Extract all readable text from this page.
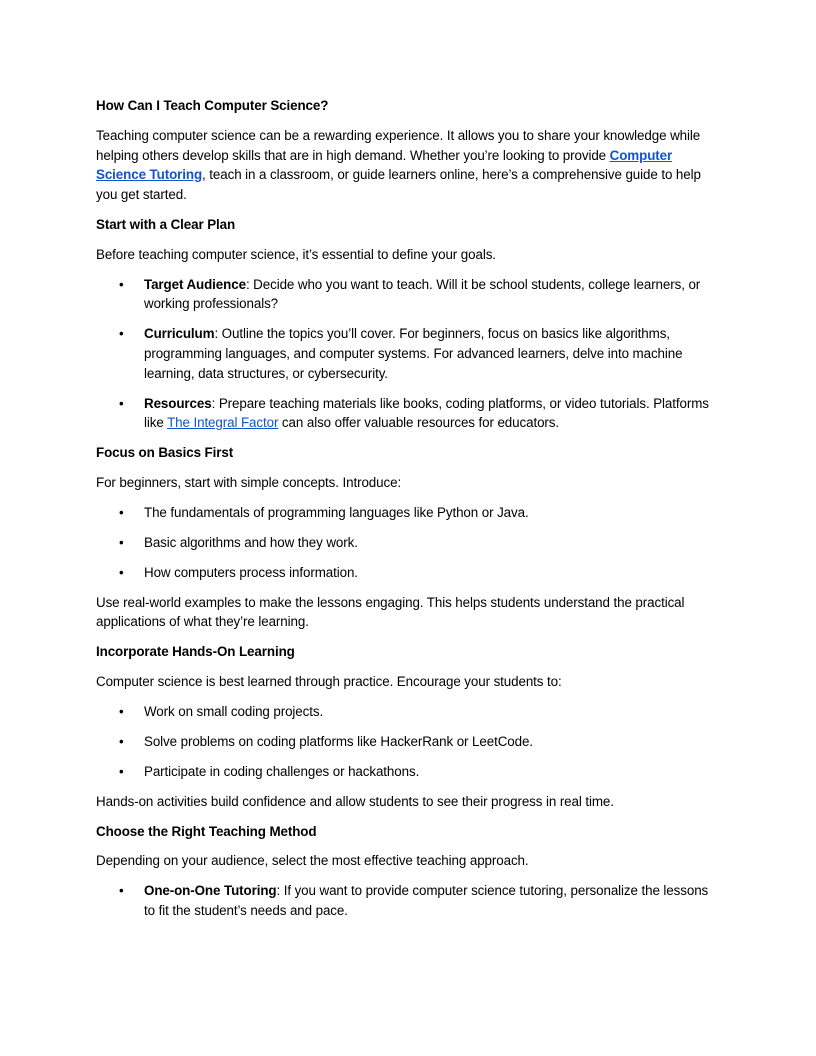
How Can I Teach Computer Science?

Teaching computer science can be a rewarding experience. It allows you to share your knowledge while helping others develop skills that are in high demand. Whether you’re looking to provide Computer Science Tutoring, teach in a classroom, or guide learners online, here’s a comprehensive guide to help you get started.

Start with a Clear Plan

Before teaching computer science, it’s essential to define your goals.

•	Target Audience: Decide who you want to teach. Will it be school students, college learners, or working professionals?
•	Curriculum: Outline the topics you’ll cover. For beginners, focus on basics like algorithms, programming languages, and computer systems. For advanced learners, delve into machine learning, data structures, or cybersecurity.
•	Resources: Prepare teaching materials like books, coding platforms, or video tutorials. Platforms like The Integral Factor can also offer valuable resources for educators.

Focus on Basics First

For beginners, start with simple concepts. Introduce:

•	The fundamentals of programming languages like Python or Java.
•	Basic algorithms and how they work.
•	How computers process information.

Use real-world examples to make the lessons engaging. This helps students understand the practical applications of what they’re learning.

Incorporate Hands-On Learning

Computer science is best learned through practice. Encourage your students to:

•	Work on small coding projects.
•	Solve problems on coding platforms like HackerRank or LeetCode.
•	Participate in coding challenges or hackathons.

Hands-on activities build confidence and allow students to see their progress in real time.

Choose the Right Teaching Method

Depending on your audience, select the most effective teaching approach.

•	One-on-One Tutoring: If you want to provide computer science tutoring, personalize the lessons to fit the student’s needs and pace.
